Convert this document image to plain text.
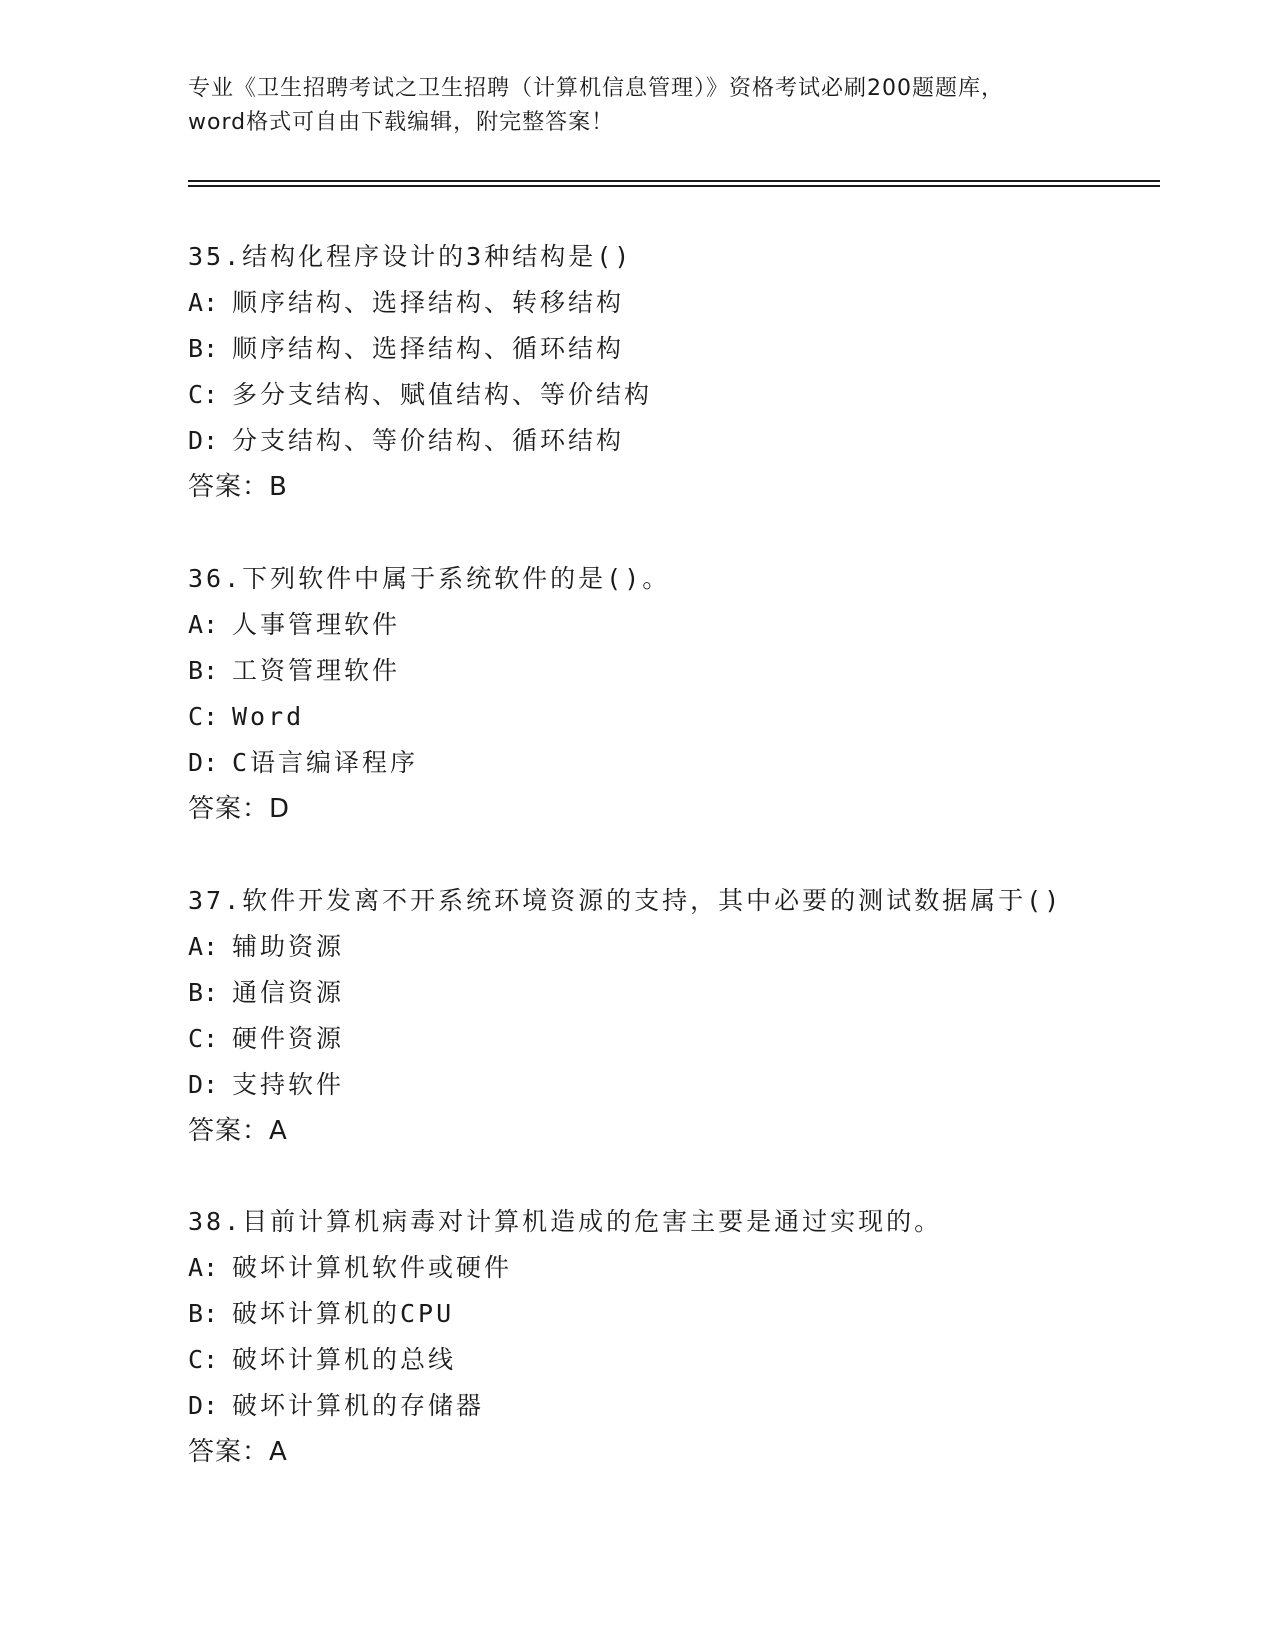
专业《卫生招聘考试之卫生招聘（计算机信息管理）》资格考试必刷200题题库，
word格式可自由下载编辑，附完整答案！
35.结构化程序设计的3种结构是()
A: 顺序结构、选择结构、转移结构
B: 顺序结构、选择结构、循环结构
C: 多分支结构、赋值结构、等价结构
D: 分支结构、等价结构、循环结构
答案：B
36.下列软件中属于系统软件的是()。
A: 人事管理软件
B: 工资管理软件
C: Word
D: C语言编译程序
答案：D
37.软件开发离不开系统环境资源的支持，其中必要的测试数据属于()
A: 辅助资源
B: 通信资源
C: 硬件资源
D: 支持软件
答案：A
38.目前计算机病毒对计算机造成的危害主要是通过实现的。
A: 破坏计算机软件或硬件
B: 破坏计算机的CPU
C: 破坏计算机的总线
D: 破坏计算机的存储器
答案：A
